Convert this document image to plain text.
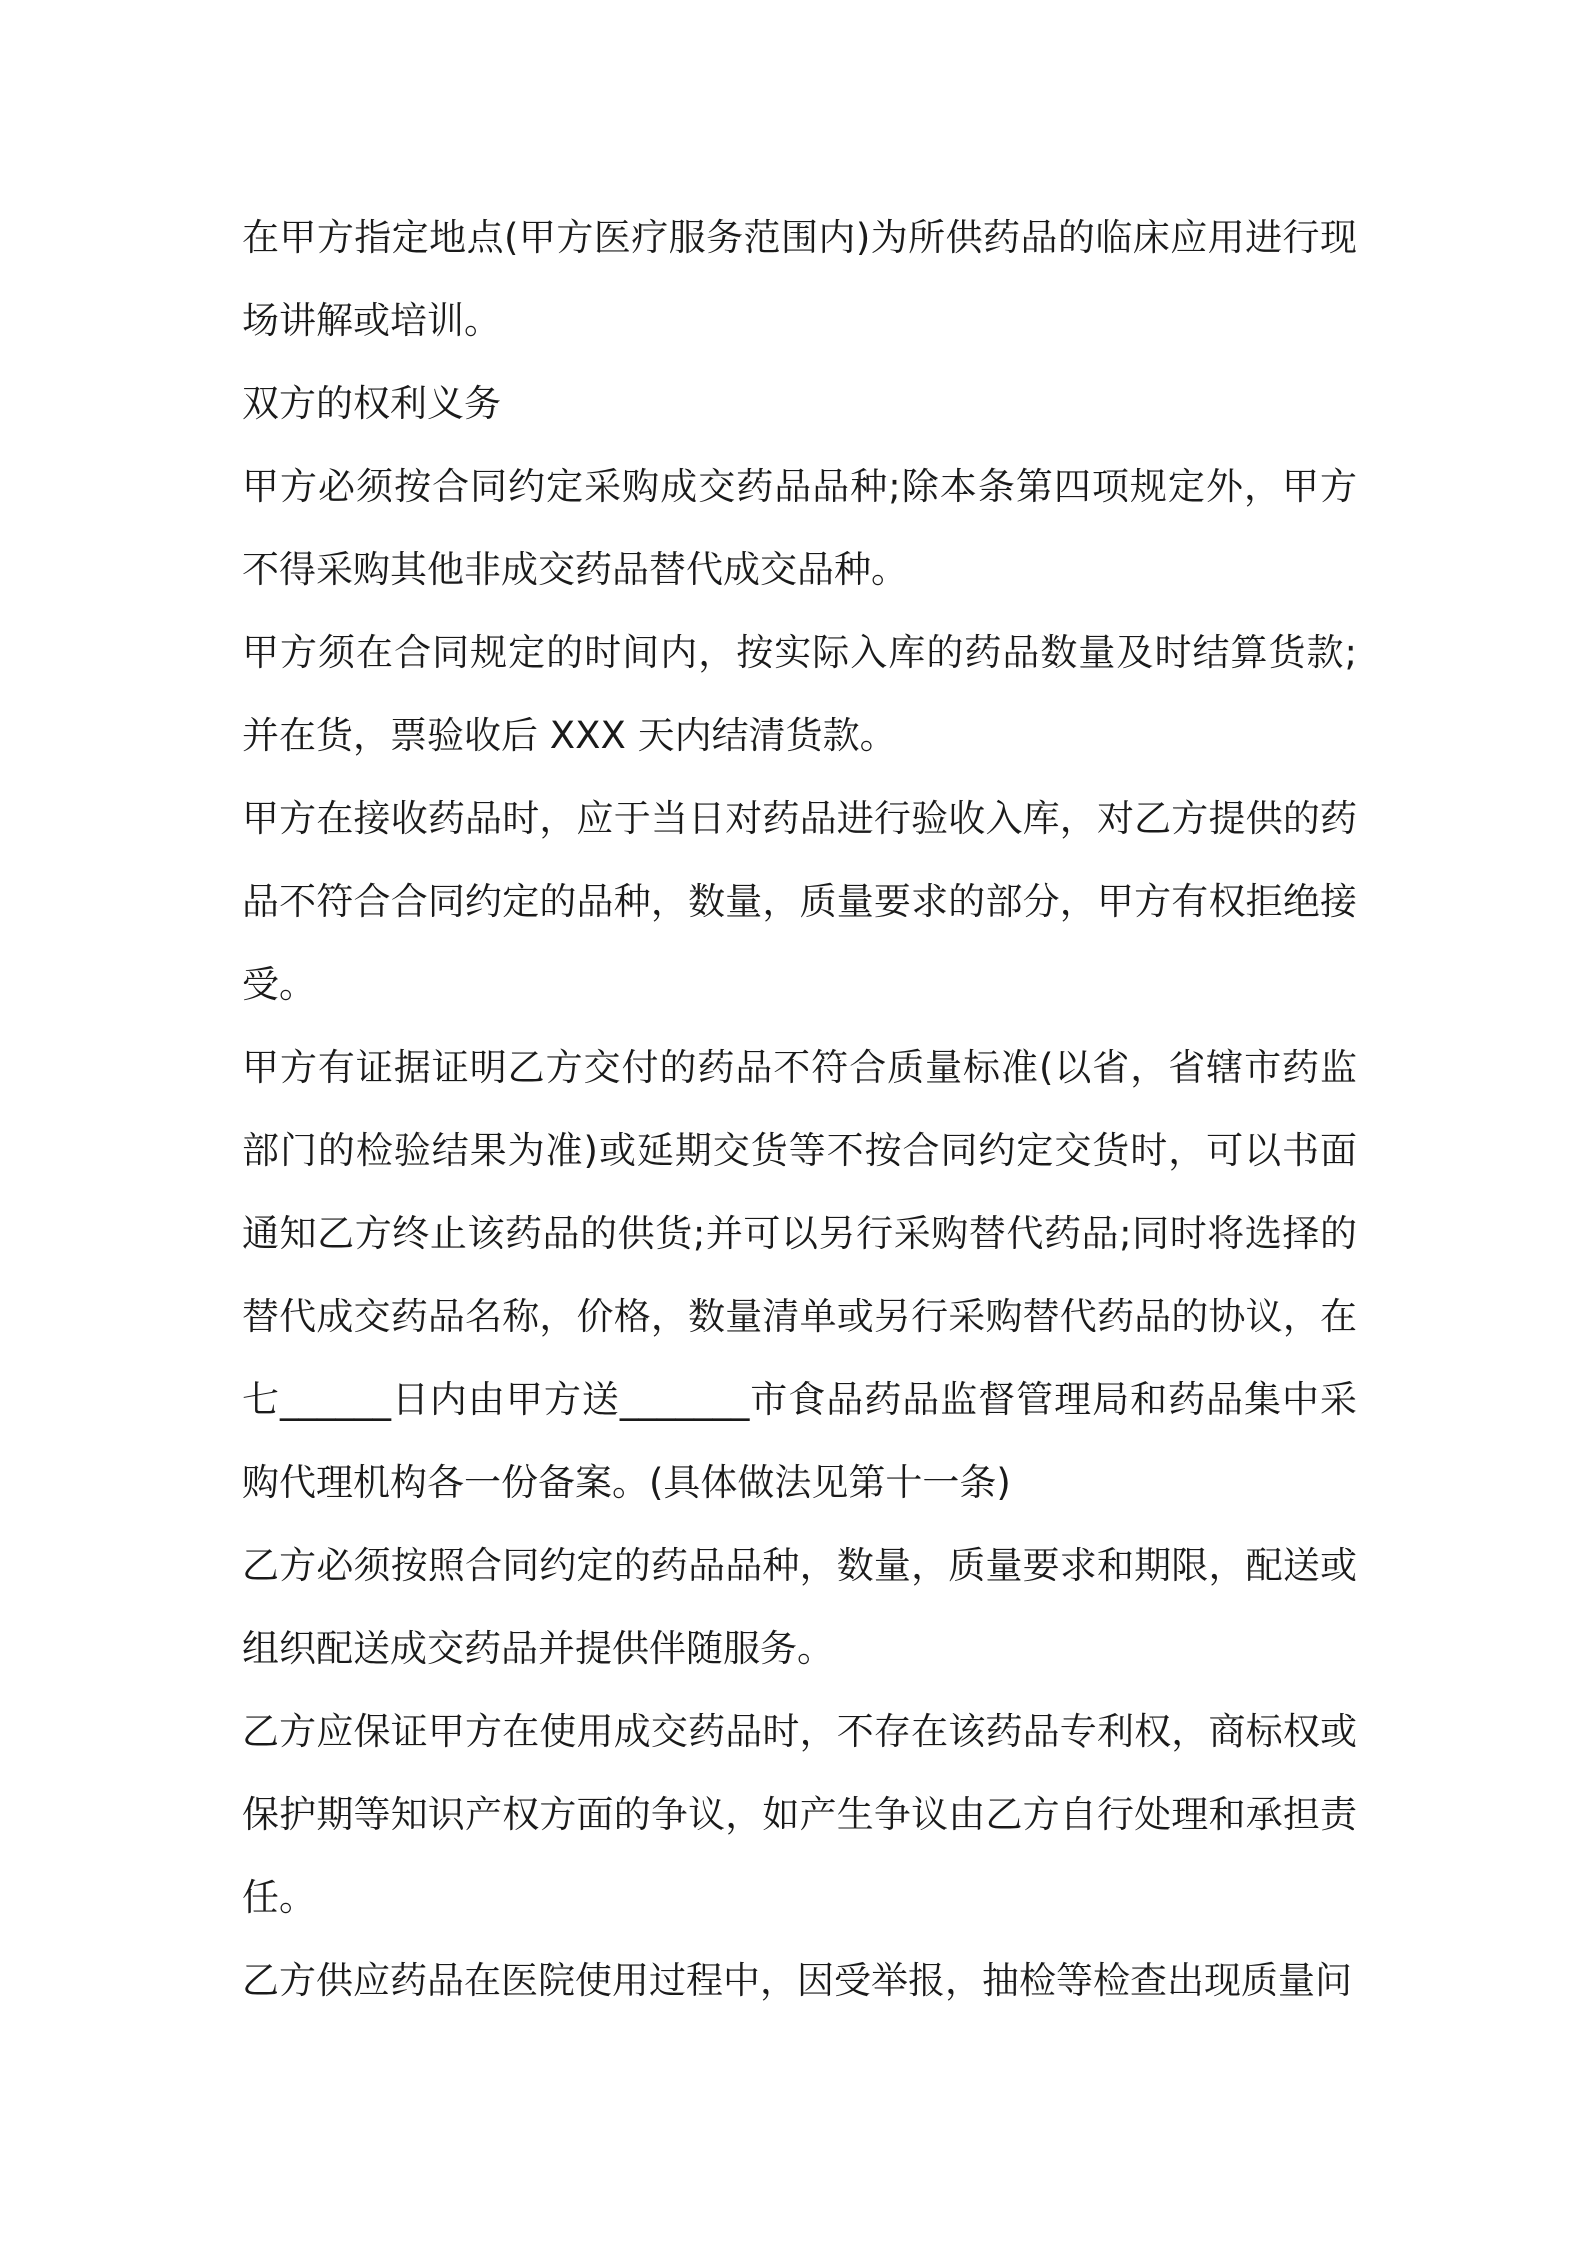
在甲方指定地点(甲方医疗服务范围内)为所供药品的临床应用进行现场讲解或培训。

双方的权利义务

甲方必须按合同约定采购成交药品品种;除本条第四项规定外，甲方不得采购其他非成交药品替代成交品种。

甲方须在合同规定的时间内，按实际入库的药品数量及时结算货款;并在货，票验收后 XXX 天内结清货款。

甲方在接收药品时，应于当日对药品进行验收入库，对乙方提供的药品不符合合同约定的品种，数量，质量要求的部分，甲方有权拒绝接受。

甲方有证据证明乙方交付的药品不符合质量标准(以省，省辖市药监部门的检验结果为准)或延期交货等不按合同约定交货时，可以书面通知乙方终止该药品的供货;并可以另行采购替代药品;同时将选择的替代成交药品名称，价格，数量清单或另行采购替代药品的协议，在七______日内由甲方送_______市食品药品监督管理局和药品集中采购代理机构各一份备案。(具体做法见第十一条)

乙方必须按照合同约定的药品品种，数量，质量要求和期限，配送或组织配送成交药品并提供伴随服务。

乙方应保证甲方在使用成交药品时，不存在该药品专利权，商标权或保护期等知识产权方面的争议，如产生争议由乙方自行处理和承担责任。

乙方供应药品在医院使用过程中，因受举报，抽检等检查出现质量问
